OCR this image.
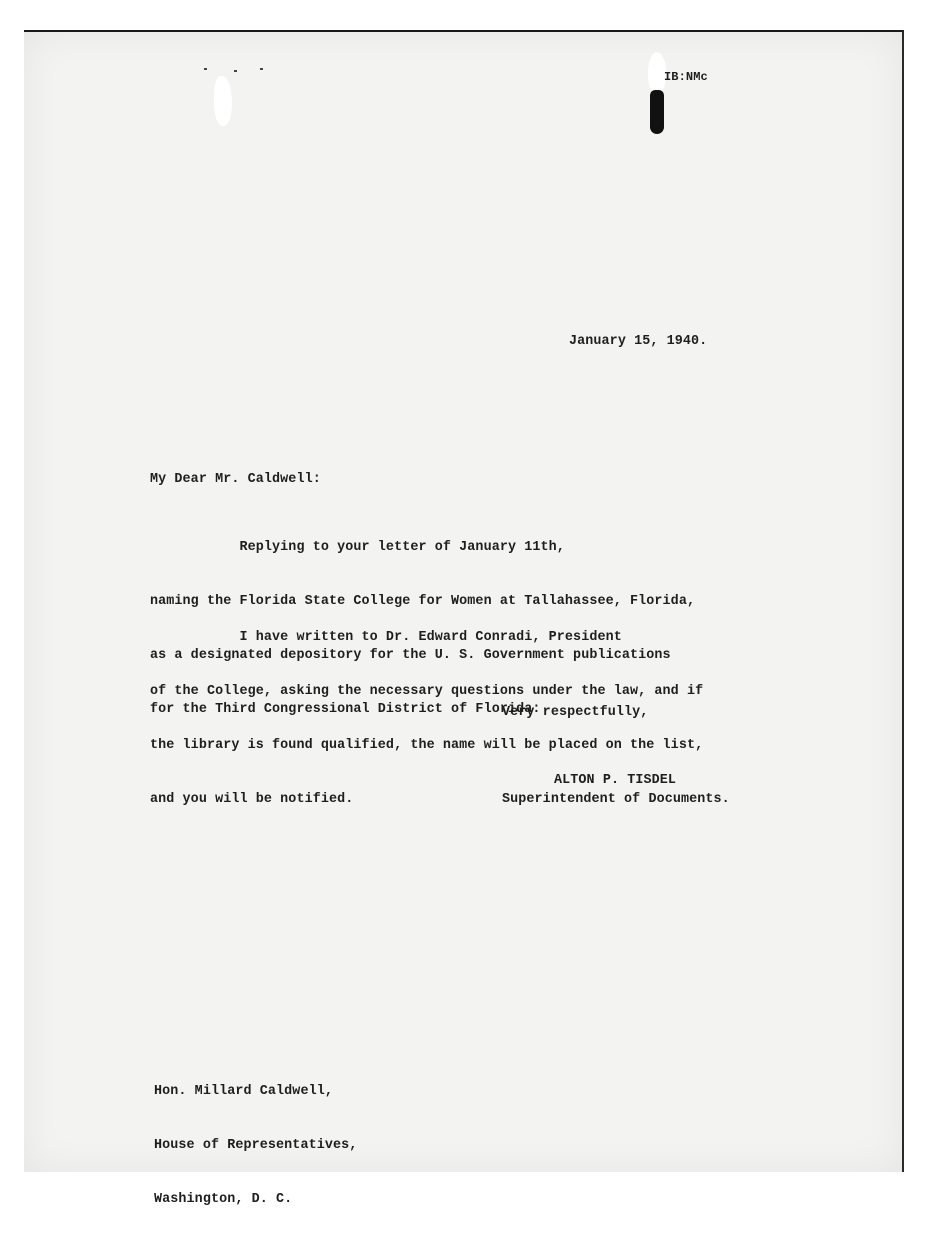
IB:NMc
January 15, 1940.
My Dear Mr. Caldwell:

Replying to your letter of January 11th,

naming the Florida State College for Women at Tallahassee, Florida,

as a designated depository for the U. S. Government publications

for the Third Congressional District of Florida:

I have written to Dr. Edward Conradi, President

of the College, asking the necessary questions under the law, and if

the library is found qualified, the name will be placed on the list,

and you will be notified.

Very respectfully,
ALTON P. TISDEL
Superintendent of Documents.

Hon. Millard Caldwell,

House of Representatives,

Washington, D. C.
